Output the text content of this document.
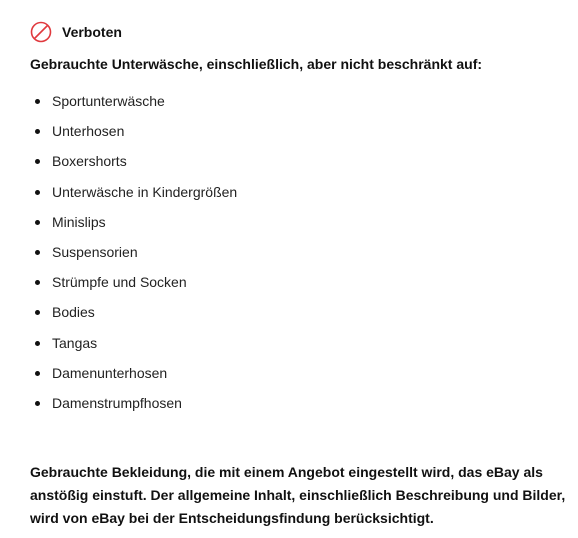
Verboten
Gebrauchte Unterwäsche, einschließlich, aber nicht beschränkt auf:
Sportunterwäsche
Unterhosen
Boxershorts
Unterwäsche in Kindergrößen
Minislips
Suspensorien
Strümpfe und Socken
Bodies
Tangas
Damenunterhosen
Damenstrumpfhosen
Gebrauchte Bekleidung, die mit einem Angebot eingestellt wird, das eBay als anstößig einstuft. Der allgemeine Inhalt, einschließlich Beschreibung und Bilder, wird von eBay bei der Entscheidungsfindung berücksichtigt.
